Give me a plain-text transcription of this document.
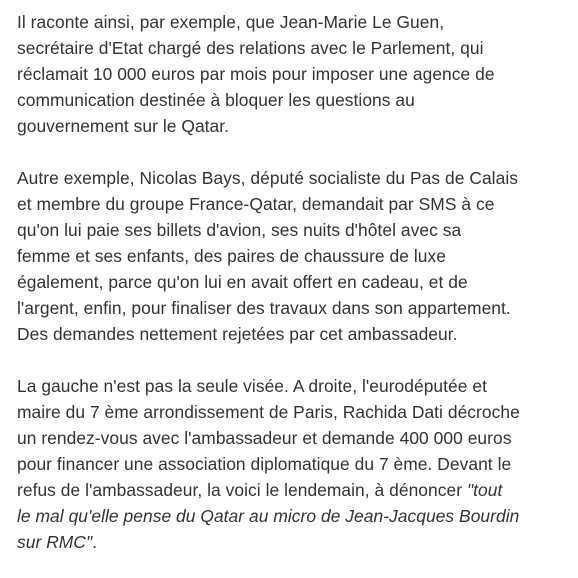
Il raconte ainsi, par exemple, que Jean-Marie Le Guen,
secrétaire d'Etat chargé des relations avec le Parlement, qui
réclamait 10 000 euros par mois pour imposer une agence de
communication destinée à bloquer les questions au
gouvernement sur le Qatar.

Autre exemple, Nicolas Bays, député socialiste du Pas de Calais
et membre du groupe France-Qatar, demandait par SMS à ce
qu'on lui paie ses billets d'avion, ses nuits d'hôtel avec sa
femme et ses enfants, des paires de chaussure de luxe
également, parce qu'on lui en avait offert en cadeau, et de
l'argent, enfin, pour finaliser des travaux dans son appartement.
Des demandes nettement rejetées par cet ambassadeur.

La gauche n'est pas la seule visée. A droite, l'eurodéputée et
maire du 7 ème arrondissement de Paris, Rachida Dati décroche
un rendez-vous avec l'ambassadeur et demande 400 000 euros
pour financer une association diplomatique du 7 ème. Devant le
refus de l'ambassadeur, la voici le lendemain, à dénoncer "tout
le mal qu'elle pense du Qatar au micro de Jean-Jacques Bourdin
sur RMC".
